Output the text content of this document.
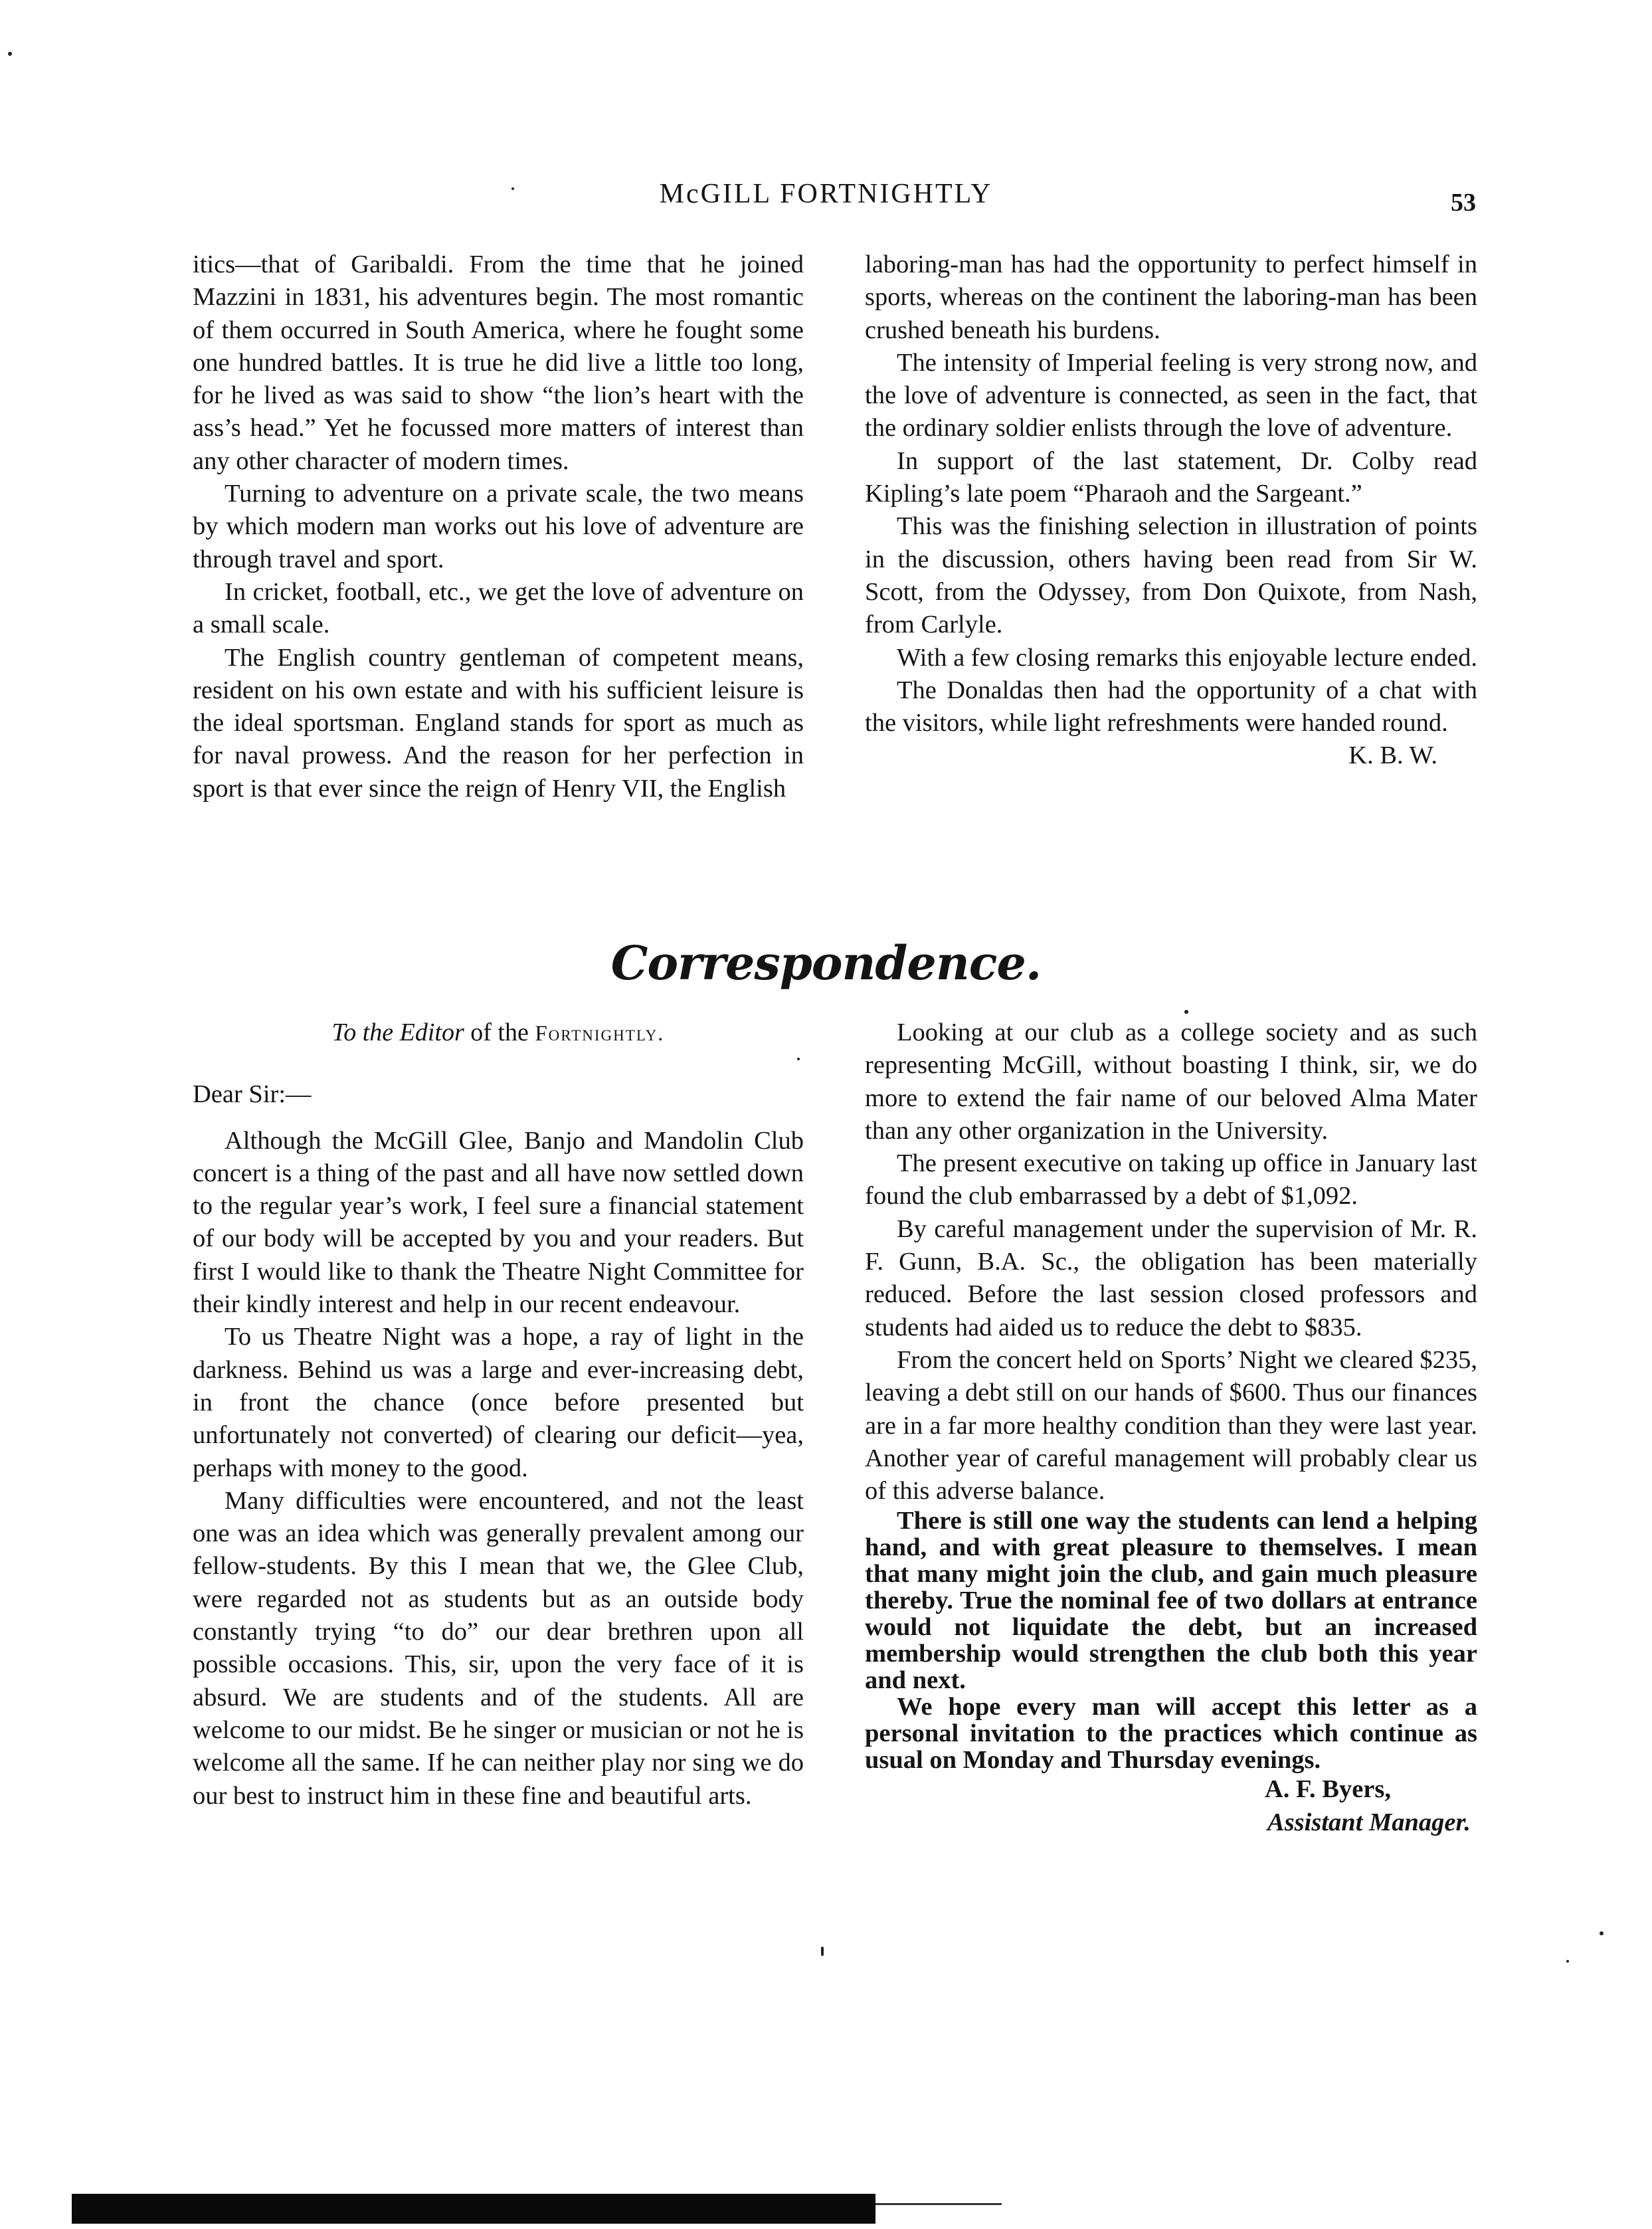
McGILL FORTNIGHTLY	53

itics—that of Garibaldi. From the time that he joined Mazzini in 1831, his adventures begin. The most romantic of them occurred in South America, where he fought some one hundred battles. It is true he did live a little too long, for he lived as was said to show “the lion’s heart with the ass’s head.” Yet he focussed more matters of interest than any other character of modern times.

Turning to adventure on a private scale, the two means by which modern man works out his love of adventure are through travel and sport.

In cricket, football, etc., we get the love of adventure on a small scale.

The English country gentleman of competent means, resident on his own estate and with his sufficient leisure is the ideal sportsman. England stands for sport as much as for naval prowess. And the reason for her perfection in sport is that ever since the reign of Henry VII, the English

laboring-man has had the opportunity to perfect himself in sports, whereas on the continent the laboring-man has been crushed beneath his burdens.

The intensity of Imperial feeling is very strong now, and the love of adventure is connected, as seen in the fact, that the ordinary soldier enlists through the love of adventure.

In support of the last statement, Dr. Colby read Kipling’s late poem “Pharaoh and the Sargeant.”

This was the finishing selection in illustration of points in the discussion, others having been read from Sir W. Scott, from the Odyssey, from Don Quixote, from Nash, from Carlyle.

With a few closing remarks this enjoyable lecture ended.

The Donaldas then had the opportunity of a chat with the visitors, while light refreshments were handed round.

K. B. W.

Correspondence.

To the Editor of the Fortnightly.

Dear Sir:—

Although the McGill Glee, Banjo and Mandolin Club concert is a thing of the past and all have now settled down to the regular year’s work, I feel sure a financial statement of our body will be accepted by you and your readers. But first I would like to thank the Theatre Night Committee for their kindly interest and help in our recent endeavour.

To us Theatre Night was a hope, a ray of light in the darkness. Behind us was a large and ever-increasing debt, in front the chance (once before presented but unfortunately not converted) of clearing our deficit—yea, perhaps with money to the good.

Many difficulties were encountered, and not the least one was an idea which was generally prevalent among our fellow-students. By this I mean that we, the Glee Club, were regarded not as students but as an outside body constantly trying “to do” our dear brethren upon all possible occasions. This, sir, upon the very face of it is absurd. We are students and of the students. All are welcome to our midst. Be he singer or musician or not he is welcome all the same. If he can neither play nor sing we do our best to instruct him in these fine and beautiful arts.

Looking at our club as a college society and as such representing McGill, without boasting I think, sir, we do more to extend the fair name of our beloved Alma Mater than any other organization in the University.

The present executive on taking up office in January last found the club embarrassed by a debt of $1,092.

By careful management under the supervision of Mr. R. F. Gunn, B.A. Sc., the obligation has been materially reduced. Before the last session closed professors and students had aided us to reduce the debt to $835.

From the concert held on Sports’ Night we cleared $235, leaving a debt still on our hands of $600. Thus our finances are in a far more healthy condition than they were last year. Another year of careful management will probably clear us of this adverse balance.

There is still one way the students can lend a helping hand, and with great pleasure to themselves. I mean that many might join the club, and gain much pleasure thereby. True the nominal fee of two dollars at entrance would not liquidate the debt, but an increased membership would strengthen the club both this year and next.

We hope every man will accept this letter as a personal invitation to the practices which continue as usual on Monday and Thursday evenings.

A. F. Byers,

Assistant Manager.
